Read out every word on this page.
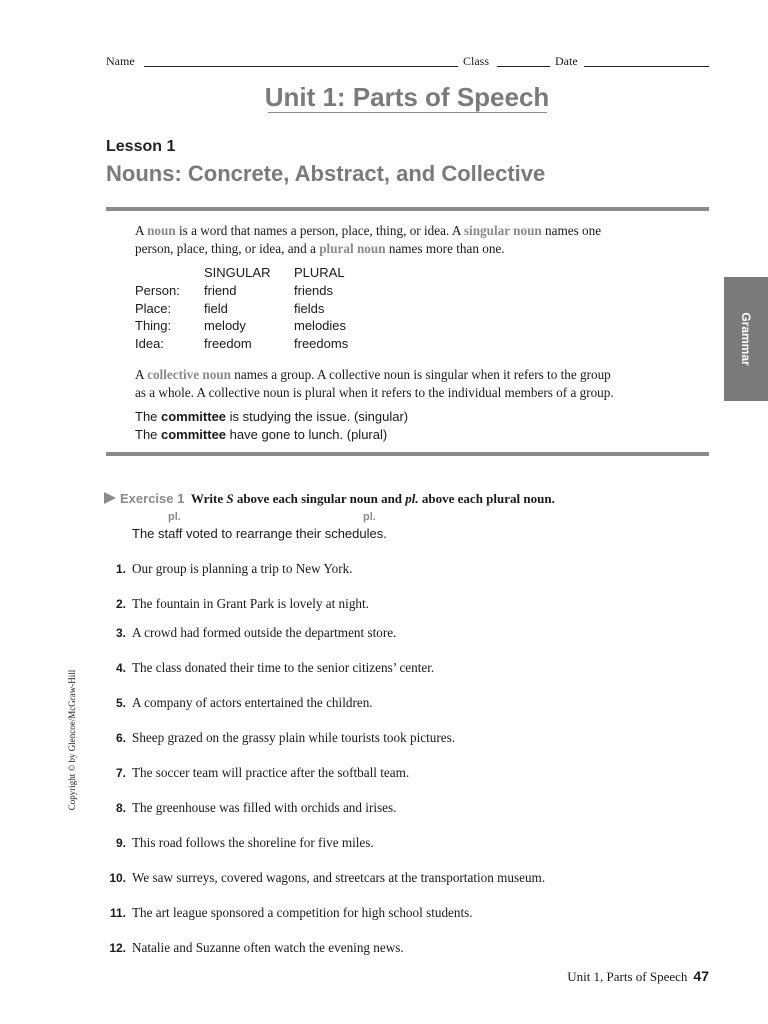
Name	Class	Date
Unit 1: Parts of Speech
Lesson 1
Nouns: Concrete, Abstract, and Collective
A noun is a word that names a person, place, thing, or idea. A singular noun names one
person, place, thing, or idea, and a plural noun names more than one.
SINGULAR PLURAL
Person: friend	friends
Place:	field	fields
Thing:	melody	melodies
Idea:	freedom	freedoms
A collective noun names a group. A collective noun is singular when it refers to the group
as a whole. A collective noun is plural when it refers to the individual members of a group.
The committee is studying the issue. (singular)
The committee have gone to lunch. (plural)
Exercise 1 Write S above each singular noun and pl. above each plural noun.
pl.	pl.
The staff voted to rearrange their schedules.
1. Our group is planning a trip to New York.
2. The fountain in Grant Park is lovely at night.
3. A crowd had formed outside the department store.
4. The class donated their time to the senior citizens’ center.
5. A company of actors entertained the children.
6. Sheep grazed on the grassy plain while tourists took pictures.
7. The soccer team will practice after the softball team.
8. The greenhouse was filled with orchids and irises.
9. This road follows the shoreline for five miles.
10. We saw surreys, covered wagons, and streetcars at the transportation museum.
11. The art league sponsored a competition for high school students.
12. Natalie and Suzanne often watch the evening news.
Grammar
Copyright © by Glencoe/McGraw-Hill
Unit 1, Parts of Speech 47
